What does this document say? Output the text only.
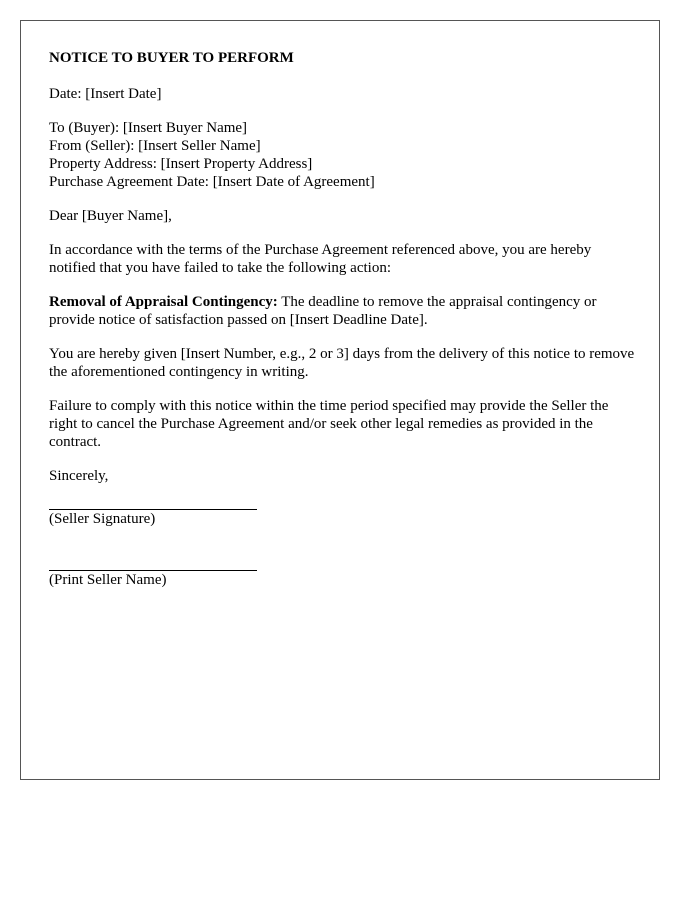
NOTICE TO BUYER TO PERFORM
Date: [Insert Date]
To (Buyer): [Insert Buyer Name]
From (Seller): [Insert Seller Name]
Property Address: [Insert Property Address]
Purchase Agreement Date: [Insert Date of Agreement]
Dear [Buyer Name],
In accordance with the terms of the Purchase Agreement referenced above, you are hereby notified that you have failed to take the following action:
Removal of Appraisal Contingency: The deadline to remove the appraisal contingency or provide notice of satisfaction passed on [Insert Deadline Date].
You are hereby given [Insert Number, e.g., 2 or 3] days from the delivery of this notice to remove the aforementioned contingency in writing.
Failure to comply with this notice within the time period specified may provide the Seller the right to cancel the Purchase Agreement and/or seek other legal remedies as provided in the contract.
Sincerely,
(Seller Signature)
(Print Seller Name)
